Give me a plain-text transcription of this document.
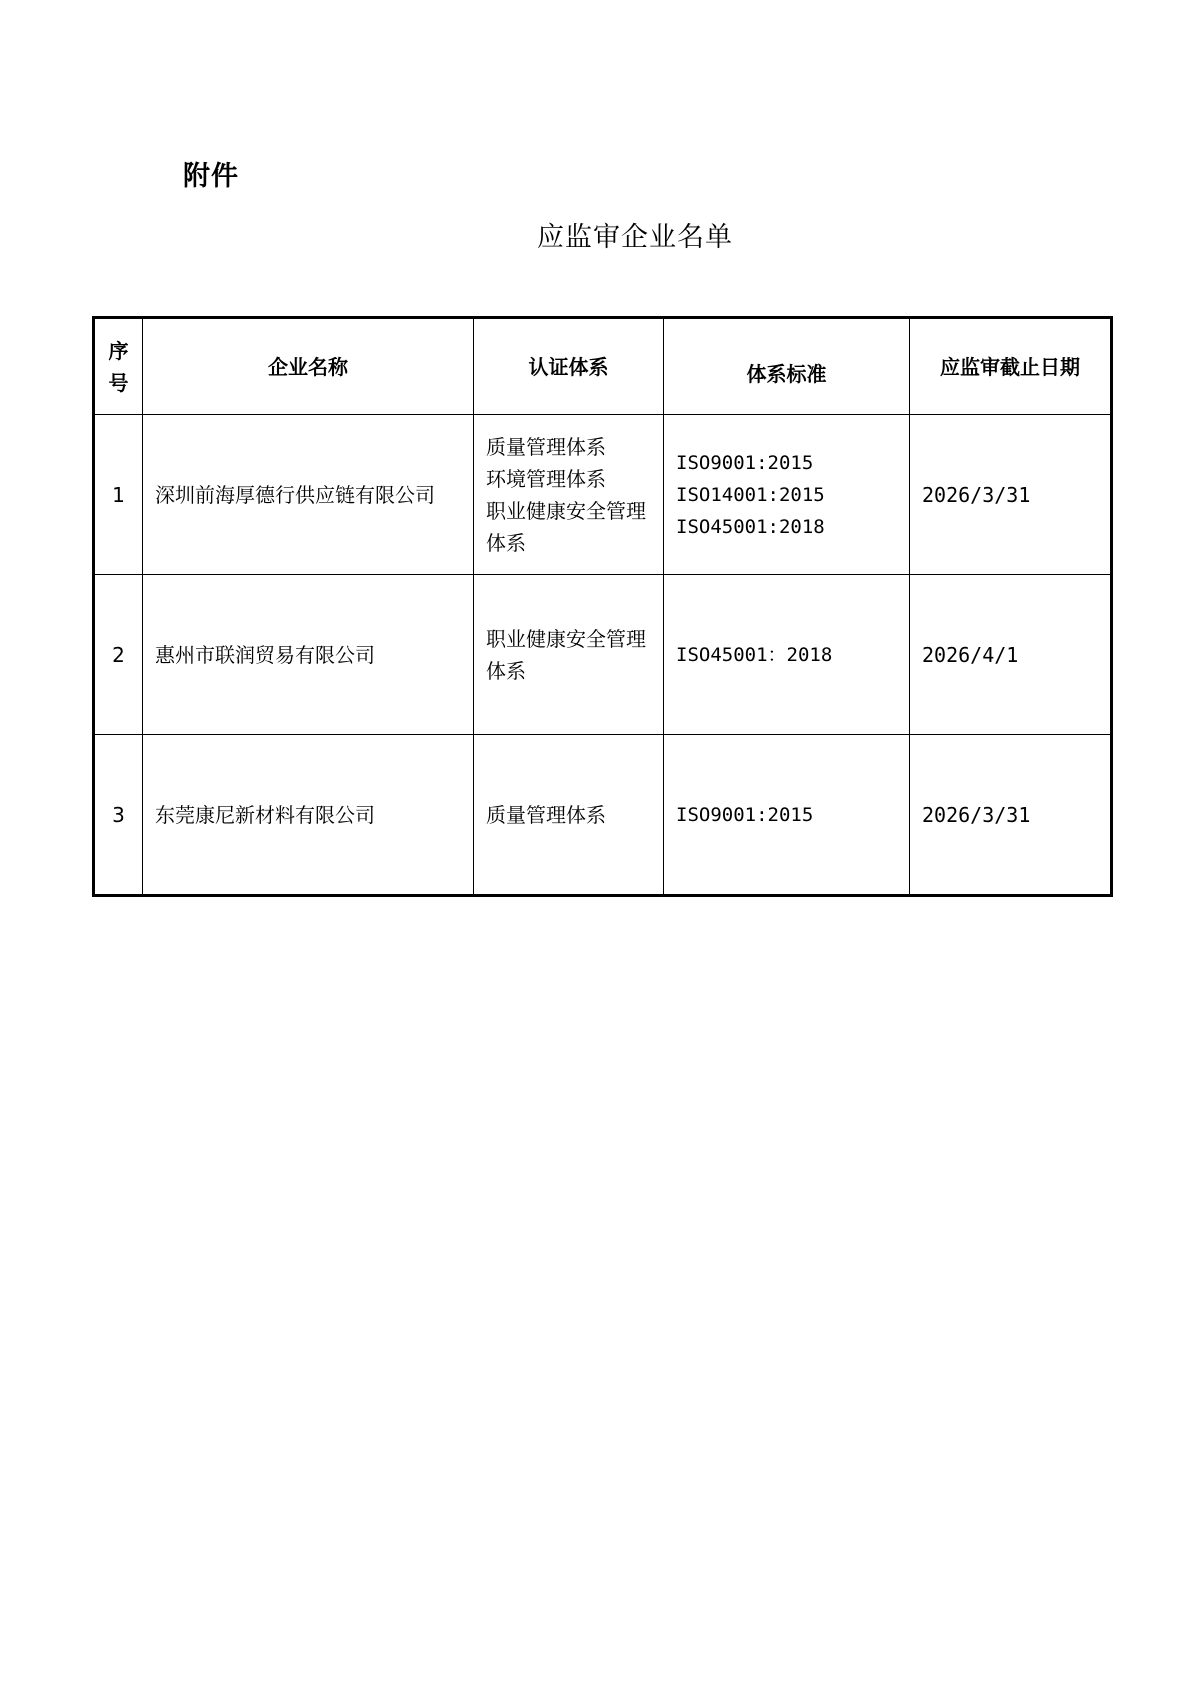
附件
应监审企业名单
序
号	企业名称	认证体系	体系标准	应监审截止日期
1	深圳前海厚德行供应链有限公司	质量管理体系
环境管理体系
职业健康安全管理体系	ISO9001:2015
ISO14001:2015
ISO45001:2018	2026/3/31
2	惠州市联润贸易有限公司	职业健康安全管理体系	ISO45001：2018	2026/4/1
3	东莞康尼新材料有限公司	质量管理体系	ISO9001:2015	2026/3/31
